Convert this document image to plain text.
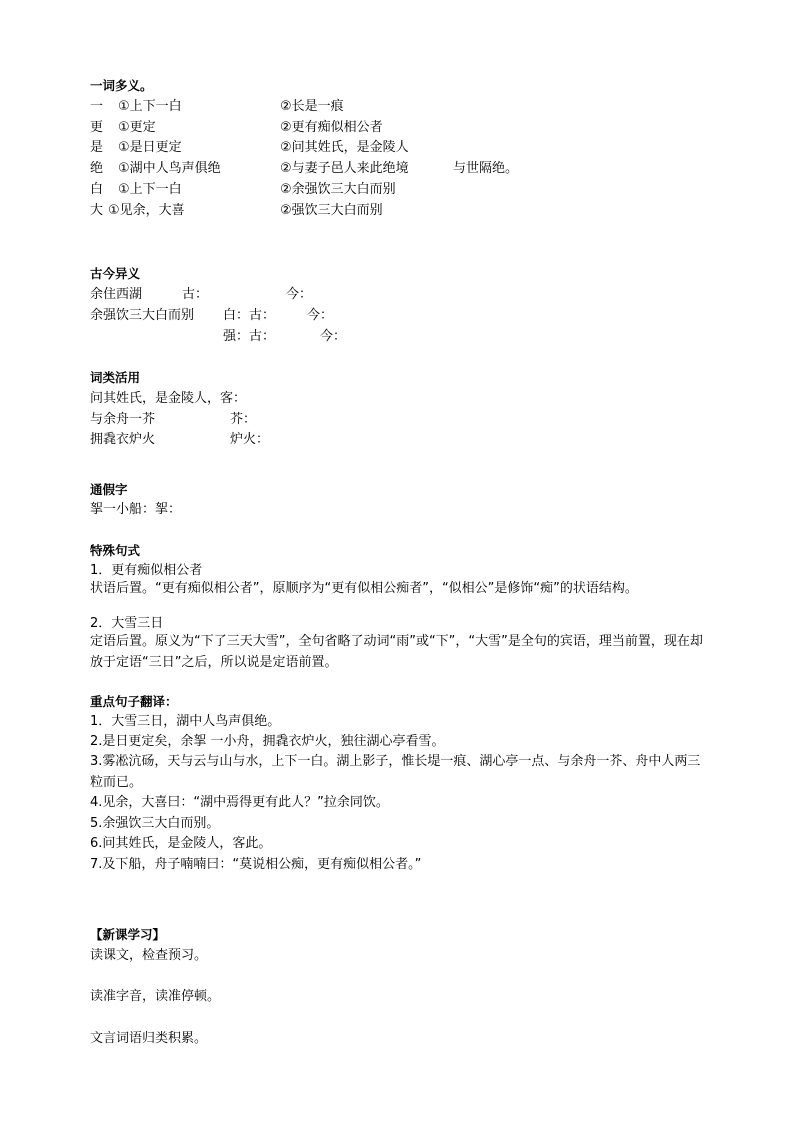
一词多义。
一 ①上下一白	②长是一痕
更 ①更定	②更有痴似相公者
是 ①是日更定	②问其姓氏，是金陵人
绝 ①湖中人鸟声俱绝	②与妻子邑人来此绝境	与世隔绝。
白 ①上下一白	②余强饮三大白而别
大 ①见余，大喜	②强饮三大白而别
古今异义
余住西湖	古：	今：
余强饮三大白而别 白：古： 今：
强：古：	今：
词类活用
问其姓氏，是金陵人，客：
与余舟一芥	芥：
拥毳衣炉火	炉火：
通假字
挐一小船：挐：
特殊句式
1．更有痴似相公者
状语后置。“更有痴似相公者”，原顺序为“更有似相公痴者”，“似相公”是修饰“痴”的状语结构。
2．大雪三日
定语后置。原义为“下了三天大雪”，全句省略了动词“雨”或“下”，“大雪”是全句的宾语，理当前置，现在却放于定语“三日”之后，所以说是定语前置。
重点句子翻译：
1．大雪三日，湖中人鸟声俱绝。
2.是日更定矣，余挐 一小舟，拥毳衣炉火，独往湖心亭看雪。
3.雾凇沆砀，天与云与山与水，上下一白。湖上影子，惟长堤一痕、湖心亭一点、与余舟一芥、舟中人两三粒而已。
4.见余，大喜曰：“湖中焉得更有此人？”拉余同饮。
5.余强饮三大白而别。
6.问其姓氏，是金陵人，客此。
7.及下船，舟子喃喃曰：“莫说相公痴，更有痴似相公者。”
【新课学习】
读课文，检查预习。
读准字音，读准停顿。
文言词语归类积累。
